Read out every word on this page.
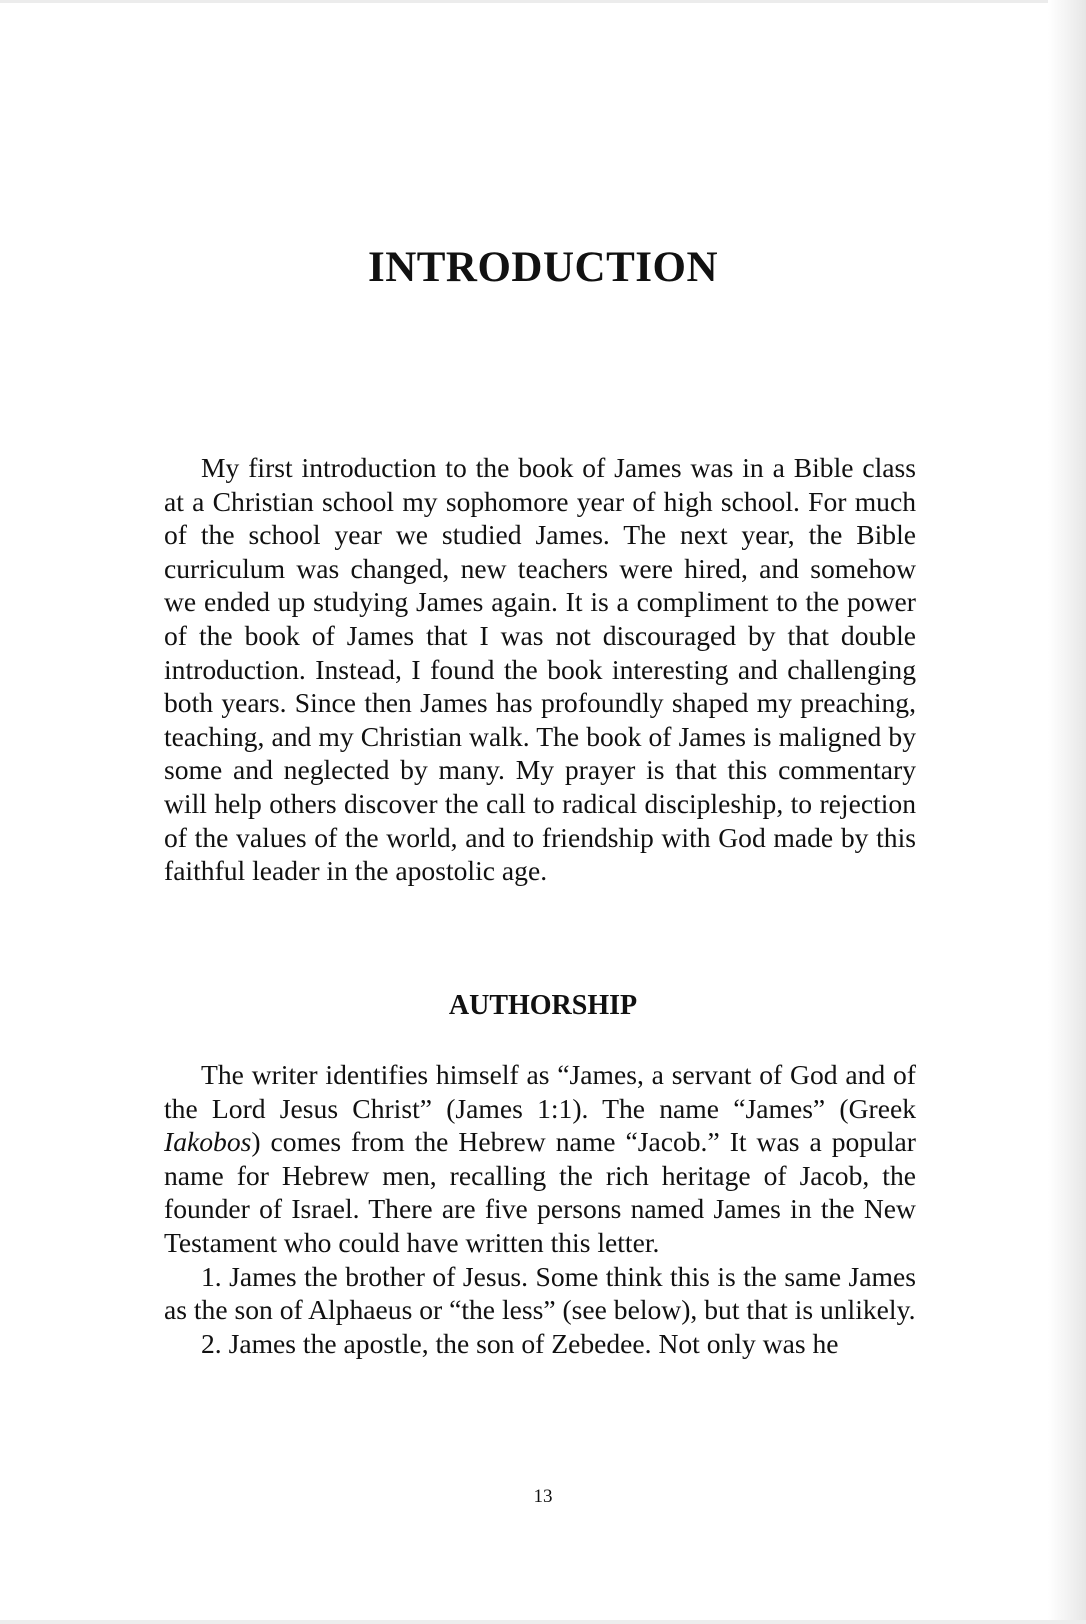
INTRODUCTION

My first introduction to the book of James was in a Bible class at a Christian school my sophomore year of high school. For much of the school year we studied James. The next year, the Bible curriculum was changed, new teachers were hired, and somehow we ended up studying James again. It is a compliment to the power of the book of James that I was not discouraged by that double introduction. Instead, I found the book interesting and challenging both years. Since then James has profoundly shaped my preaching, teaching, and my Christian walk. The book of James is maligned by some and neglected by many. My prayer is that this commentary will help others discover the call to radical discipleship, to rejection of the values of the world, and to friendship with God made by this faithful leader in the apostolic age.

AUTHORSHIP

The writer identifies himself as “James, a servant of God and of the Lord Jesus Christ” (James 1:1). The name “James” (Greek Iakobos) comes from the Hebrew name “Jacob.” It was a popular name for Hebrew men, recalling the rich heritage of Jacob, the founder of Israel. There are five persons named James in the New Testament who could have written this letter.

1. James the brother of Jesus. Some think this is the same James as the son of Alphaeus or “the less” (see below), but that is unlikely.

2. James the apostle, the son of Zebedee. Not only was he

13
